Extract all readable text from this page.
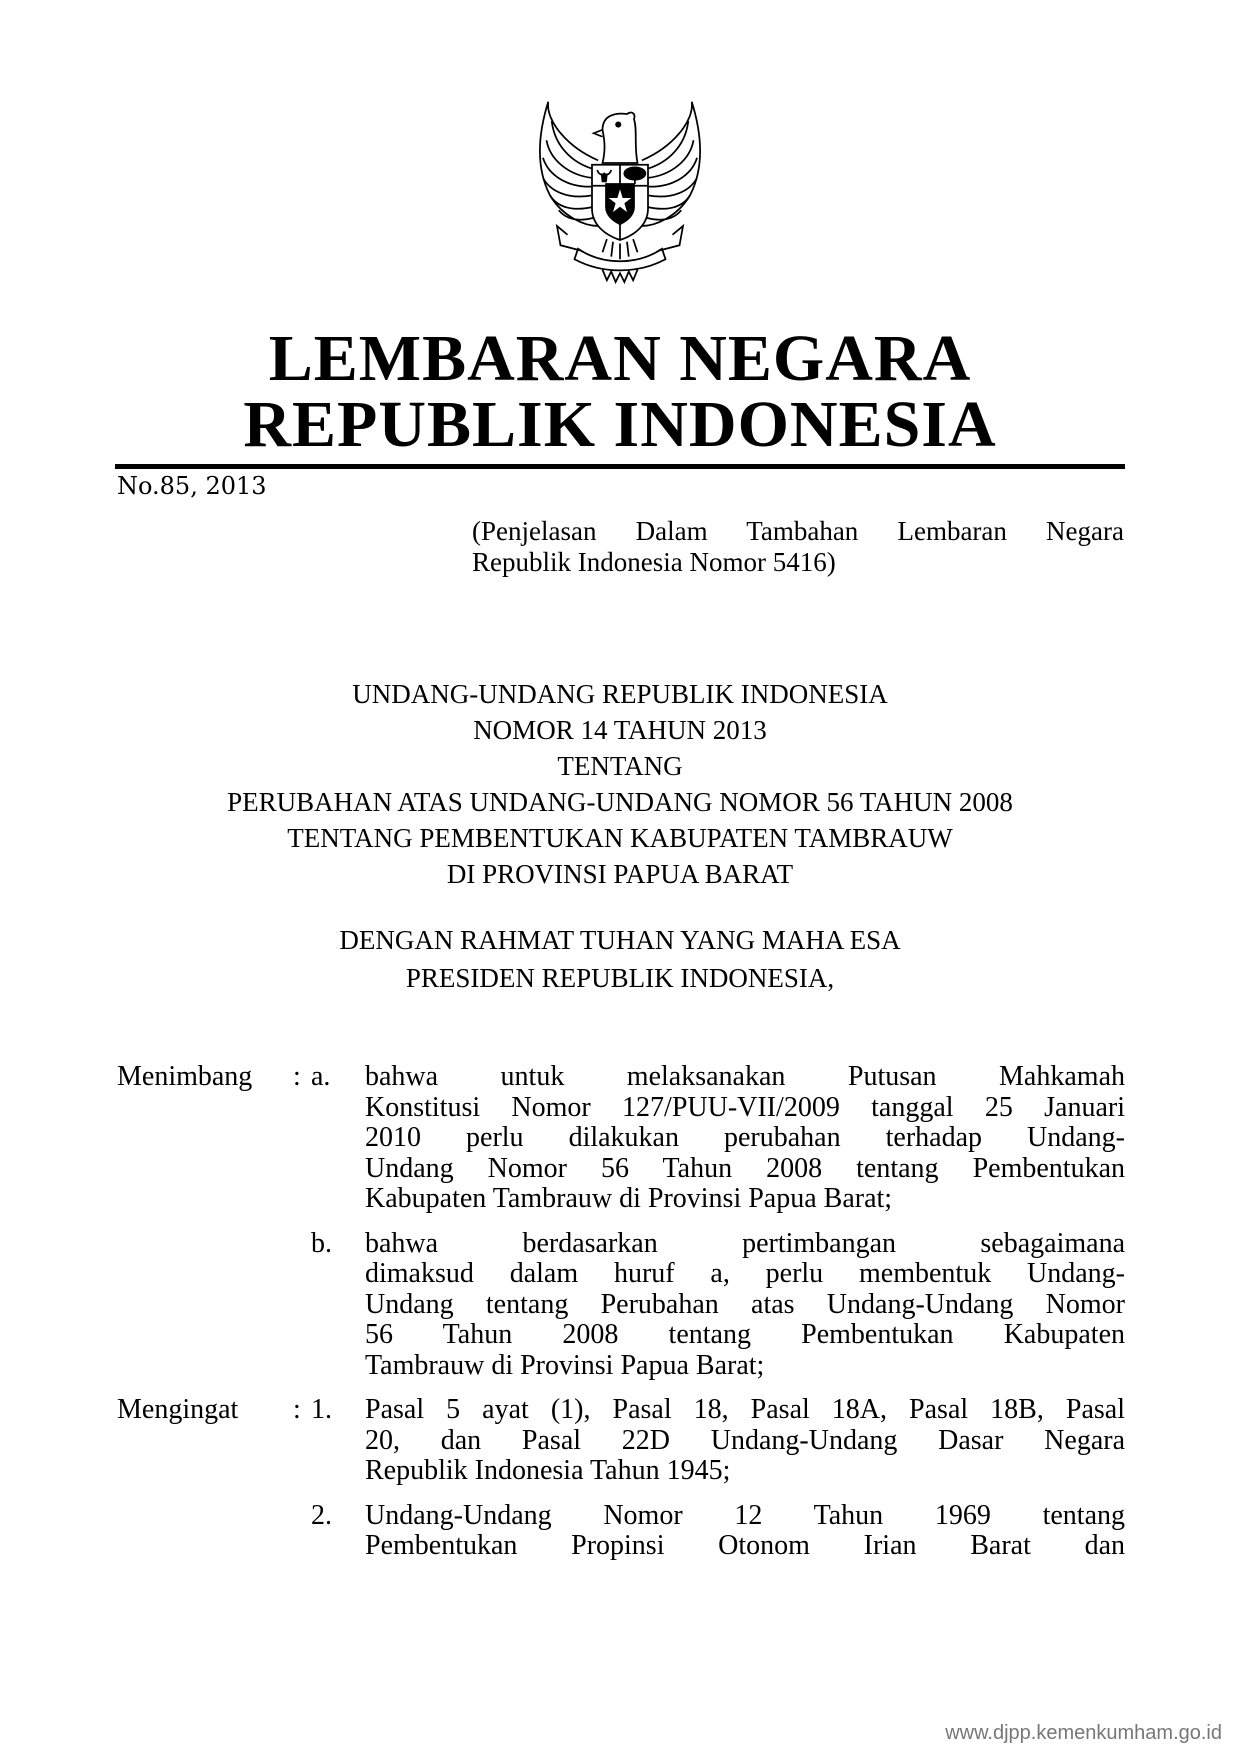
LEMBARAN NEGARA
REPUBLIK INDONESIA
No.85, 2013
(Penjelasan Dalam Tambahan Lembaran Negara
Republik Indonesia Nomor 5416)
UNDANG-UNDANG REPUBLIK INDONESIA
NOMOR 14 TAHUN 2013
TENTANG
PERUBAHAN ATAS UNDANG-UNDANG NOMOR 56 TAHUN 2008
TENTANG PEMBENTUKAN KABUPATEN TAMBRAUW
DI PROVINSI PAPUA BARAT
DENGAN RAHMAT TUHAN YANG MAHA ESA
PRESIDEN REPUBLIK INDONESIA,
Menimbang	: a. bahwa untuk melaksanakan Putusan Mahkamah
Konstitusi Nomor 127/PUU-VII/2009 tanggal 25 Januari
2010 perlu dilakukan perubahan terhadap Undang-
Undang Nomor 56 Tahun 2008 tentang Pembentukan
Kabupaten Tambrauw di Provinsi Papua Barat;
b. bahwa berdasarkan pertimbangan sebagaimana
dimaksud dalam huruf a, perlu membentuk Undang-
Undang tentang Perubahan atas Undang-Undang Nomor
56 Tahun 2008 tentang Pembentukan Kabupaten
Tambrauw di Provinsi Papua Barat;
Mengingat	: 1. Pasal 5 ayat (1), Pasal 18, Pasal 18A, Pasal 18B, Pasal
20, dan Pasal 22D Undang-Undang Dasar Negara
Republik Indonesia Tahun 1945;
2. Undang-Undang Nomor 12 Tahun 1969 tentang
Pembentukan Propinsi Otonom Irian Barat dan
www.djpp.kemenkumham.go.id
